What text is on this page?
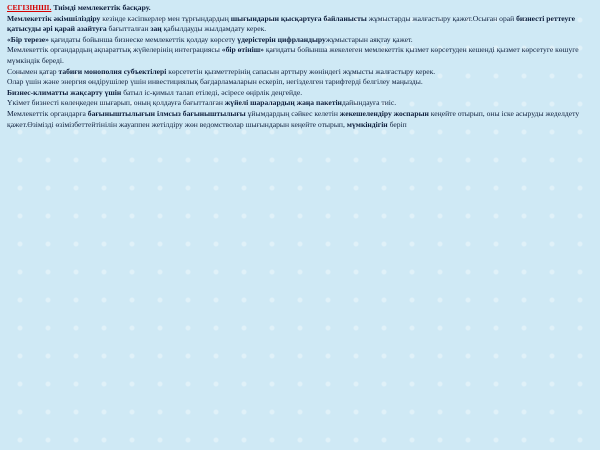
СЕГІЗІНШІ. Тиімді мемлекеттік басқару.
Мемлекеттік әкімшіліздіру кезінде кәсіпкерлер мен тұрғындардың шығындарын қысқартуға байланысты жұмыстарды жалғастыру қажет.Осыған орай бизнесті реттеуге қатысуды әрі қарай азайтуға бағытталған заң қабылдауды жылдамдату керек.
«Бір терезе» қағидаты бойынша бизнеске мемлекеттік қолдау көрсету үдерістерін цифрландыружұмыстарын аяқтау қажет.
Мемлекеттік органдардың ақпараттық жүйелерінің интеграциясы «бір өтініш» қағидаты бойынша жекелеген мемлекеттік қызмет көрсетуден кешенді қызмет көрсетуге көшуге мүмкіндік береді.
Сонымен қатар табиғи монополия субъектілері көрсететін қызметтерінің сапасын арттыру жөніндегі жұмысты жалғастыру керек.
Олар үшін және энергия өндірушілер үшін инвестициялық бағдарламаларын ескеріп, негізделген тарифтерді белгілеу маңызды.
Бизнес-климатты жақсарту үшін батыл іс-қимыл талап етіледі, әсіресе өңірлік деңгейде.
Үкімет бизнесті көлеңкеден шығарып, оның қолдауға бағытталған жүйелі шаралардың жаңа пакетіндайындауға тиіс.
Мемлекеттік органдарға бағыныштылығын ілмсыз бағыныштылығы ұйымдардың сәйкес келетін жекешелендіру жоспарын кеңейте отырып, оны іске асыруды жеделдету қажет.Өзімізді өзімізбеттейтінілін жауаппен жетілдіру жөн ведомстволар шығындарын кеңейте отырып, мүмкіндігін беріп
